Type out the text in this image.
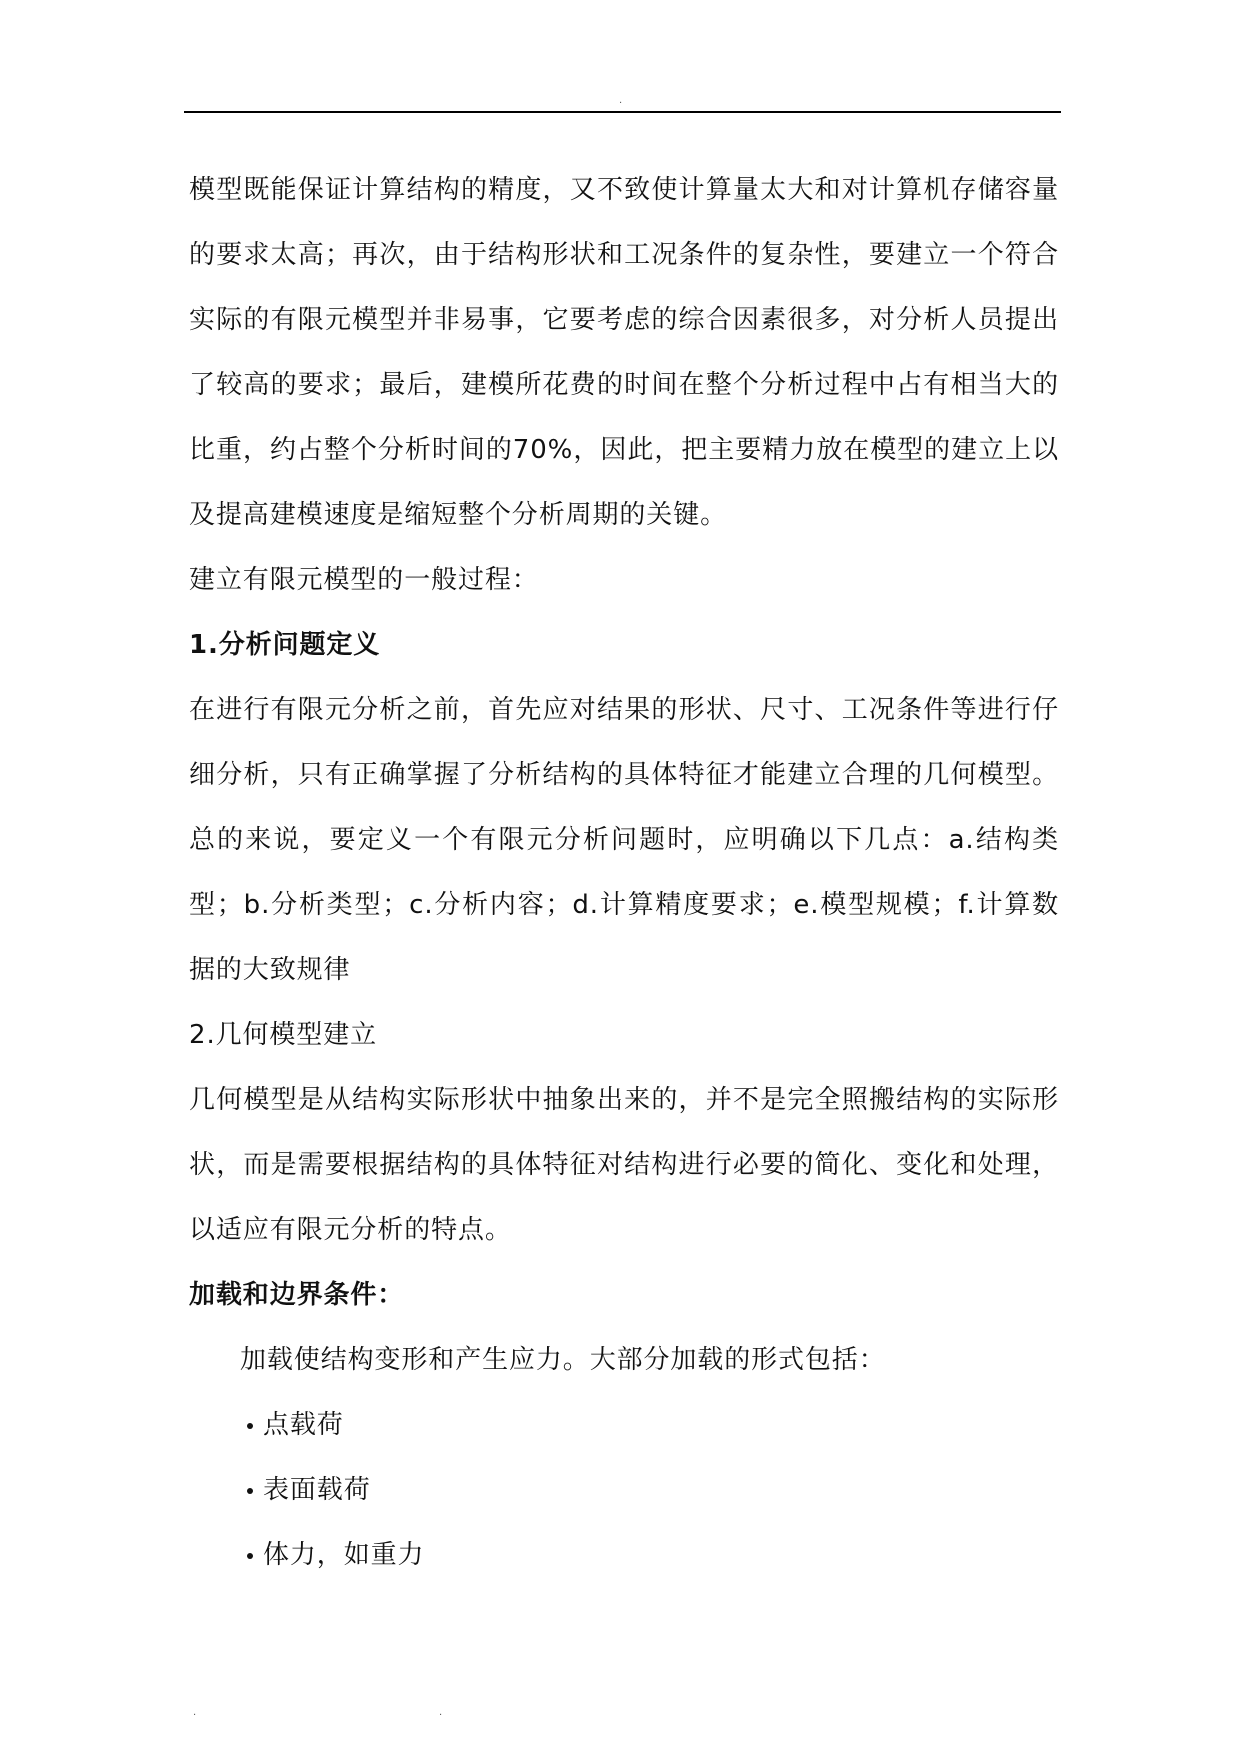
.

模型既能保证计算结构的精度，又不致使计算量太大和对计算机存储容量的要求太高；再次，由于结构形状和工况条件的复杂性，要建立一个符合实际的有限元模型并非易事，它要考虑的综合因素很多，对分析人员提出了较高的要求；最后，建模所花费的时间在整个分析过程中占有相当大的比重，约占整个分析时间的70%，因此，把主要精力放在模型的建立上以及提高建模速度是缩短整个分析周期的关键。

建立有限元模型的一般过程：

1.分析问题定义

在进行有限元分析之前，首先应对结果的形状、尺寸、工况条件等进行仔细分析，只有正确掌握了分析结构的具体特征才能建立合理的几何模型。总的来说，要定义一个有限元分析问题时，应明确以下几点：a.结构类型；b.分析类型；c.分析内容；d.计算精度要求；e.模型规模；f.计算数据的大致规律

2.几何模型建立

几何模型是从结构实际形状中抽象出来的，并不是完全照搬结构的实际形状，而是需要根据结构的具体特征对结构进行必要的简化、变化和处理，以适应有限元分析的特点。

加载和边界条件：

加载使结构变形和产生应力。大部分加载的形式包括：

点载荷
表面载荷
体力，如重力
.	.
